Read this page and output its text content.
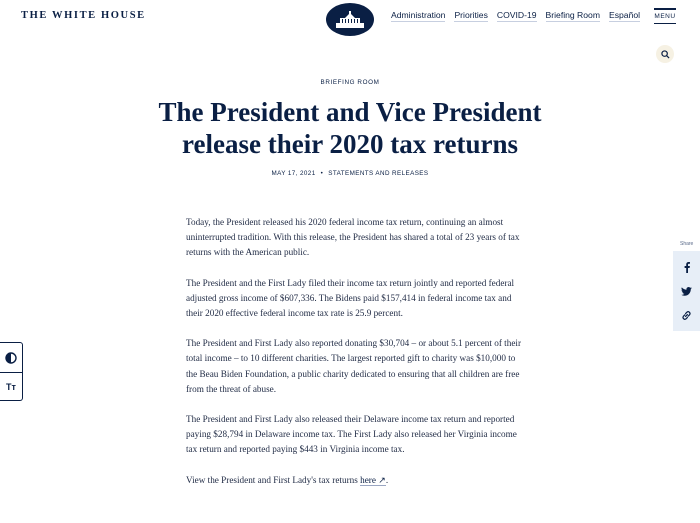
THE WHITE HOUSE	Administration Priorities COVID-19 Briefing Room Español MENU
BRIEFING ROOM
The President and Vice President release their 2020 tax returns
MAY 17, 2021 • STATEMENTS AND RELEASES

Today, the President released his 2020 federal income tax return, continuing an almost uninterrupted tradition. With this release, the President has shared a total of 23 years of tax returns with the American public.

The President and the First Lady filed their income tax return jointly and reported federal adjusted gross income of $607,336. The Bidens paid $157,414 in federal income tax and their 2020 effective federal income tax rate is 25.9 percent.

The President and First Lady also reported donating $30,704 – or about 5.1 percent of their total income – to 10 different charities. The largest reported gift to charity was $10,000 to the Beau Biden Foundation, a public charity dedicated to ensuring that all children are free from the threat of abuse.

The President and First Lady also released their Delaware income tax return and reported paying $28,794 in Delaware income tax. The First Lady also released her Virginia income tax return and reported paying $443 in Virginia income tax.

View the President and First Lady's tax returns here ↗.

Share
Tт
